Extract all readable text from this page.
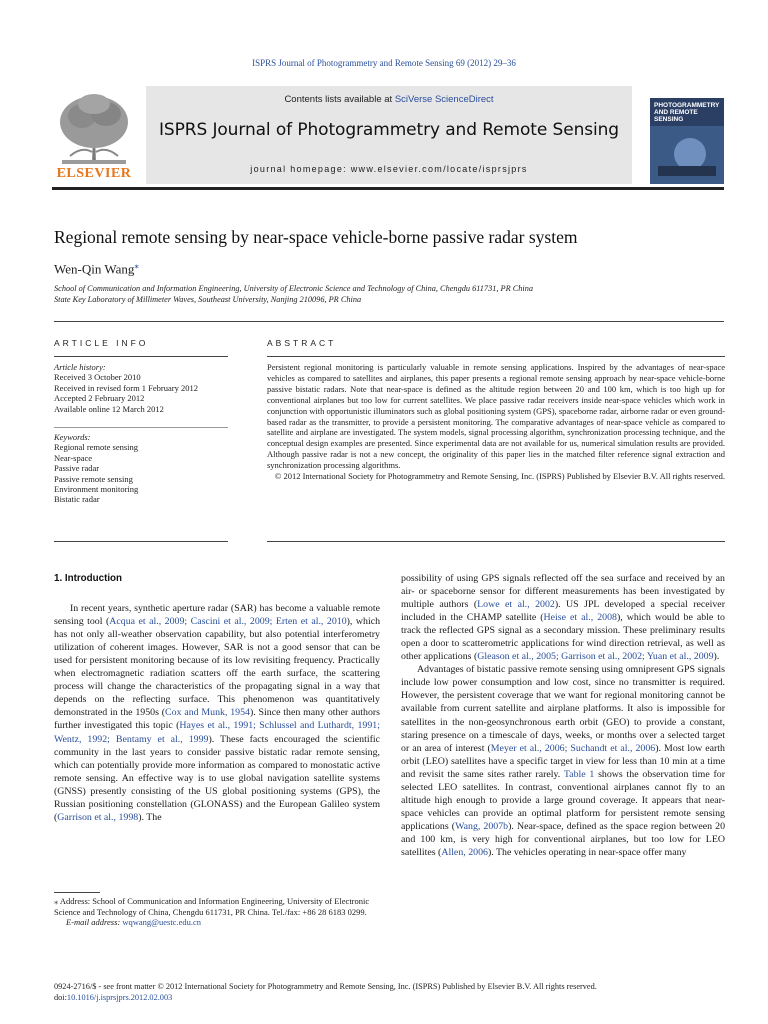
ISPRS Journal of Photogrammetry and Remote Sensing 69 (2012) 29–36
ELSEVIER
Contents lists available at SciVerse ScienceDirect
ISPRS Journal of Photogrammetry and Remote Sensing
journal homepage: www.elsevier.com/locate/isprsjprs
PHOTOGRAMMETRY AND REMOTE SENSING
Regional remote sensing by near-space vehicle-borne passive radar system
Wen-Qin Wang⁎
School of Communication and Information Engineering, University of Electronic Science and Technology of China, Chengdu 611731, PR China
State Key Laboratory of Millimeter Waves, Southeast University, Nanjing 210096, PR China
ARTICLE INFO
Article history:
Received 3 October 2010
Received in revised form 1 February 2012
Accepted 2 February 2012
Available online 12 March 2012
Keywords:
Regional remote sensing
Near-space
Passive radar
Passive remote sensing
Environment monitoring
Bistatic radar
ABSTRACT
Persistent regional monitoring is particularly valuable in remote sensing applications. Inspired by the advantages of near-space vehicles as compared to satellites and airplanes, this paper presents a regional remote sensing approach by near-space vehicle-borne passive bistatic radars. Note that near-space is defined as the altitude region between 20 and 100 km, which is too high up for conventional airplanes but too low for current satellites. We place passive radar receivers inside near-space vehicles which work in conjunction with opportunistic illuminators such as global positioning system (GPS), spaceborne radar, airborne radar or even ground-based radar as the transmitter, to provide a persistent monitoring. The comparative advantages of near-space vehicle as compared to satellite and airplane are investigated. The system models, signal processing algorithm, synchronization processing technique, and the conceptual design examples are presented. Since experimental data are not available for us, numerical simulation results are provided. Although passive radar is not a new concept, the originality of this paper lies in the matched filter reference signal extraction and synchronization processing algorithms.
© 2012 International Society for Photogrammetry and Remote Sensing, Inc. (ISPRS) Published by Elsevier B.V. All rights reserved.
1. Introduction

In recent years, synthetic aperture radar (SAR) has become a valuable remote sensing tool (Acqua et al., 2009; Cascini et al., 2009; Erten et al., 2010), which has not only all-weather observation capability, but also potential interferometry utilization of coherent images. However, SAR is not a good sensor that can be used for persistent monitoring because of its low revisiting frequency. Practically when electromagnetic radiation scatters off the earth surface, the scattering process will change the characteristics of the propagating signal in a way that depends on the reflecting surface. This phenomenon was quantitatively demonstrated in the 1950s (Cox and Munk, 1954). Since then many other authors further investigated this topic (Hayes et al., 1991; Schlussel and Luthardt, 1991; Wentz, 1992; Bentamy et al., 1999). These facts encouraged the scientific community in the last years to consider passive bistatic radar remote sensing, which can potentially provide more information as compared to monostatic active remote sensing. An effective way is to use global navigation satellite systems (GNSS) presently consisting of the US global positioning systems (GPS), the Russian positioning constellation (GLONASS) and the European Galileo system (Garrison et al., 1998). The

⁎ Address: School of Communication and Information Engineering, University of Electronic Science and Technology of China, Chengdu 611731, PR China. Tel./fax: +86 28 6183 0299.
E-mail address: wqwang@uestc.edu.cn

possibility of using GPS signals reflected off the sea surface and received by an air- or spaceborne sensor for different measurements has been investigated by multiple authors (Lowe et al., 2002). US JPL developed a special receiver included in the CHAMP satellite (Heise et al., 2008), which would be able to track the reflected GPS signal as a secondary mission. These preliminary results open a door to scatterometric applications for wind direction retrieval, as well as other applications (Gleason et al., 2005; Garrison et al., 2002; Yuan et al., 2009).

Advantages of bistatic passive remote sensing using omnipresent GPS signals include low power consumption and low cost, since no transmitter is required. However, the persistent coverage that we want for regional monitoring cannot be available from current satellite and airplane platforms. It also is impossible for satellites in the non-geosynchronous earth orbit (GEO) to provide a constant, staring presence on a timescale of days, weeks, or months over a selected target or an area of interest (Meyer et al., 2006; Suchandt et al., 2006). Most low earth orbit (LEO) satellites have a specific target in view for less than 10 min at a time and revisit the same sites rather rarely. Table 1 shows the observation time for selected LEO satellites. In contrast, conventional airplanes cannot fly to an altitude high enough to provide a large ground coverage. It appears that near-space vehicles can provide an optimal platform for persistent remote sensing applications (Wang, 2007b). Near-space, defined as the space region between 20 and 100 km, is very high for conventional airplanes, but too low for LEO satellites (Allen, 2006). The vehicles operating in near-space offer many

0924-2716/$ - see front matter © 2012 International Society for Photogrammetry and Remote Sensing, Inc. (ISPRS) Published by Elsevier B.V. All rights reserved.
doi:10.1016/j.isprsjprs.2012.02.003
